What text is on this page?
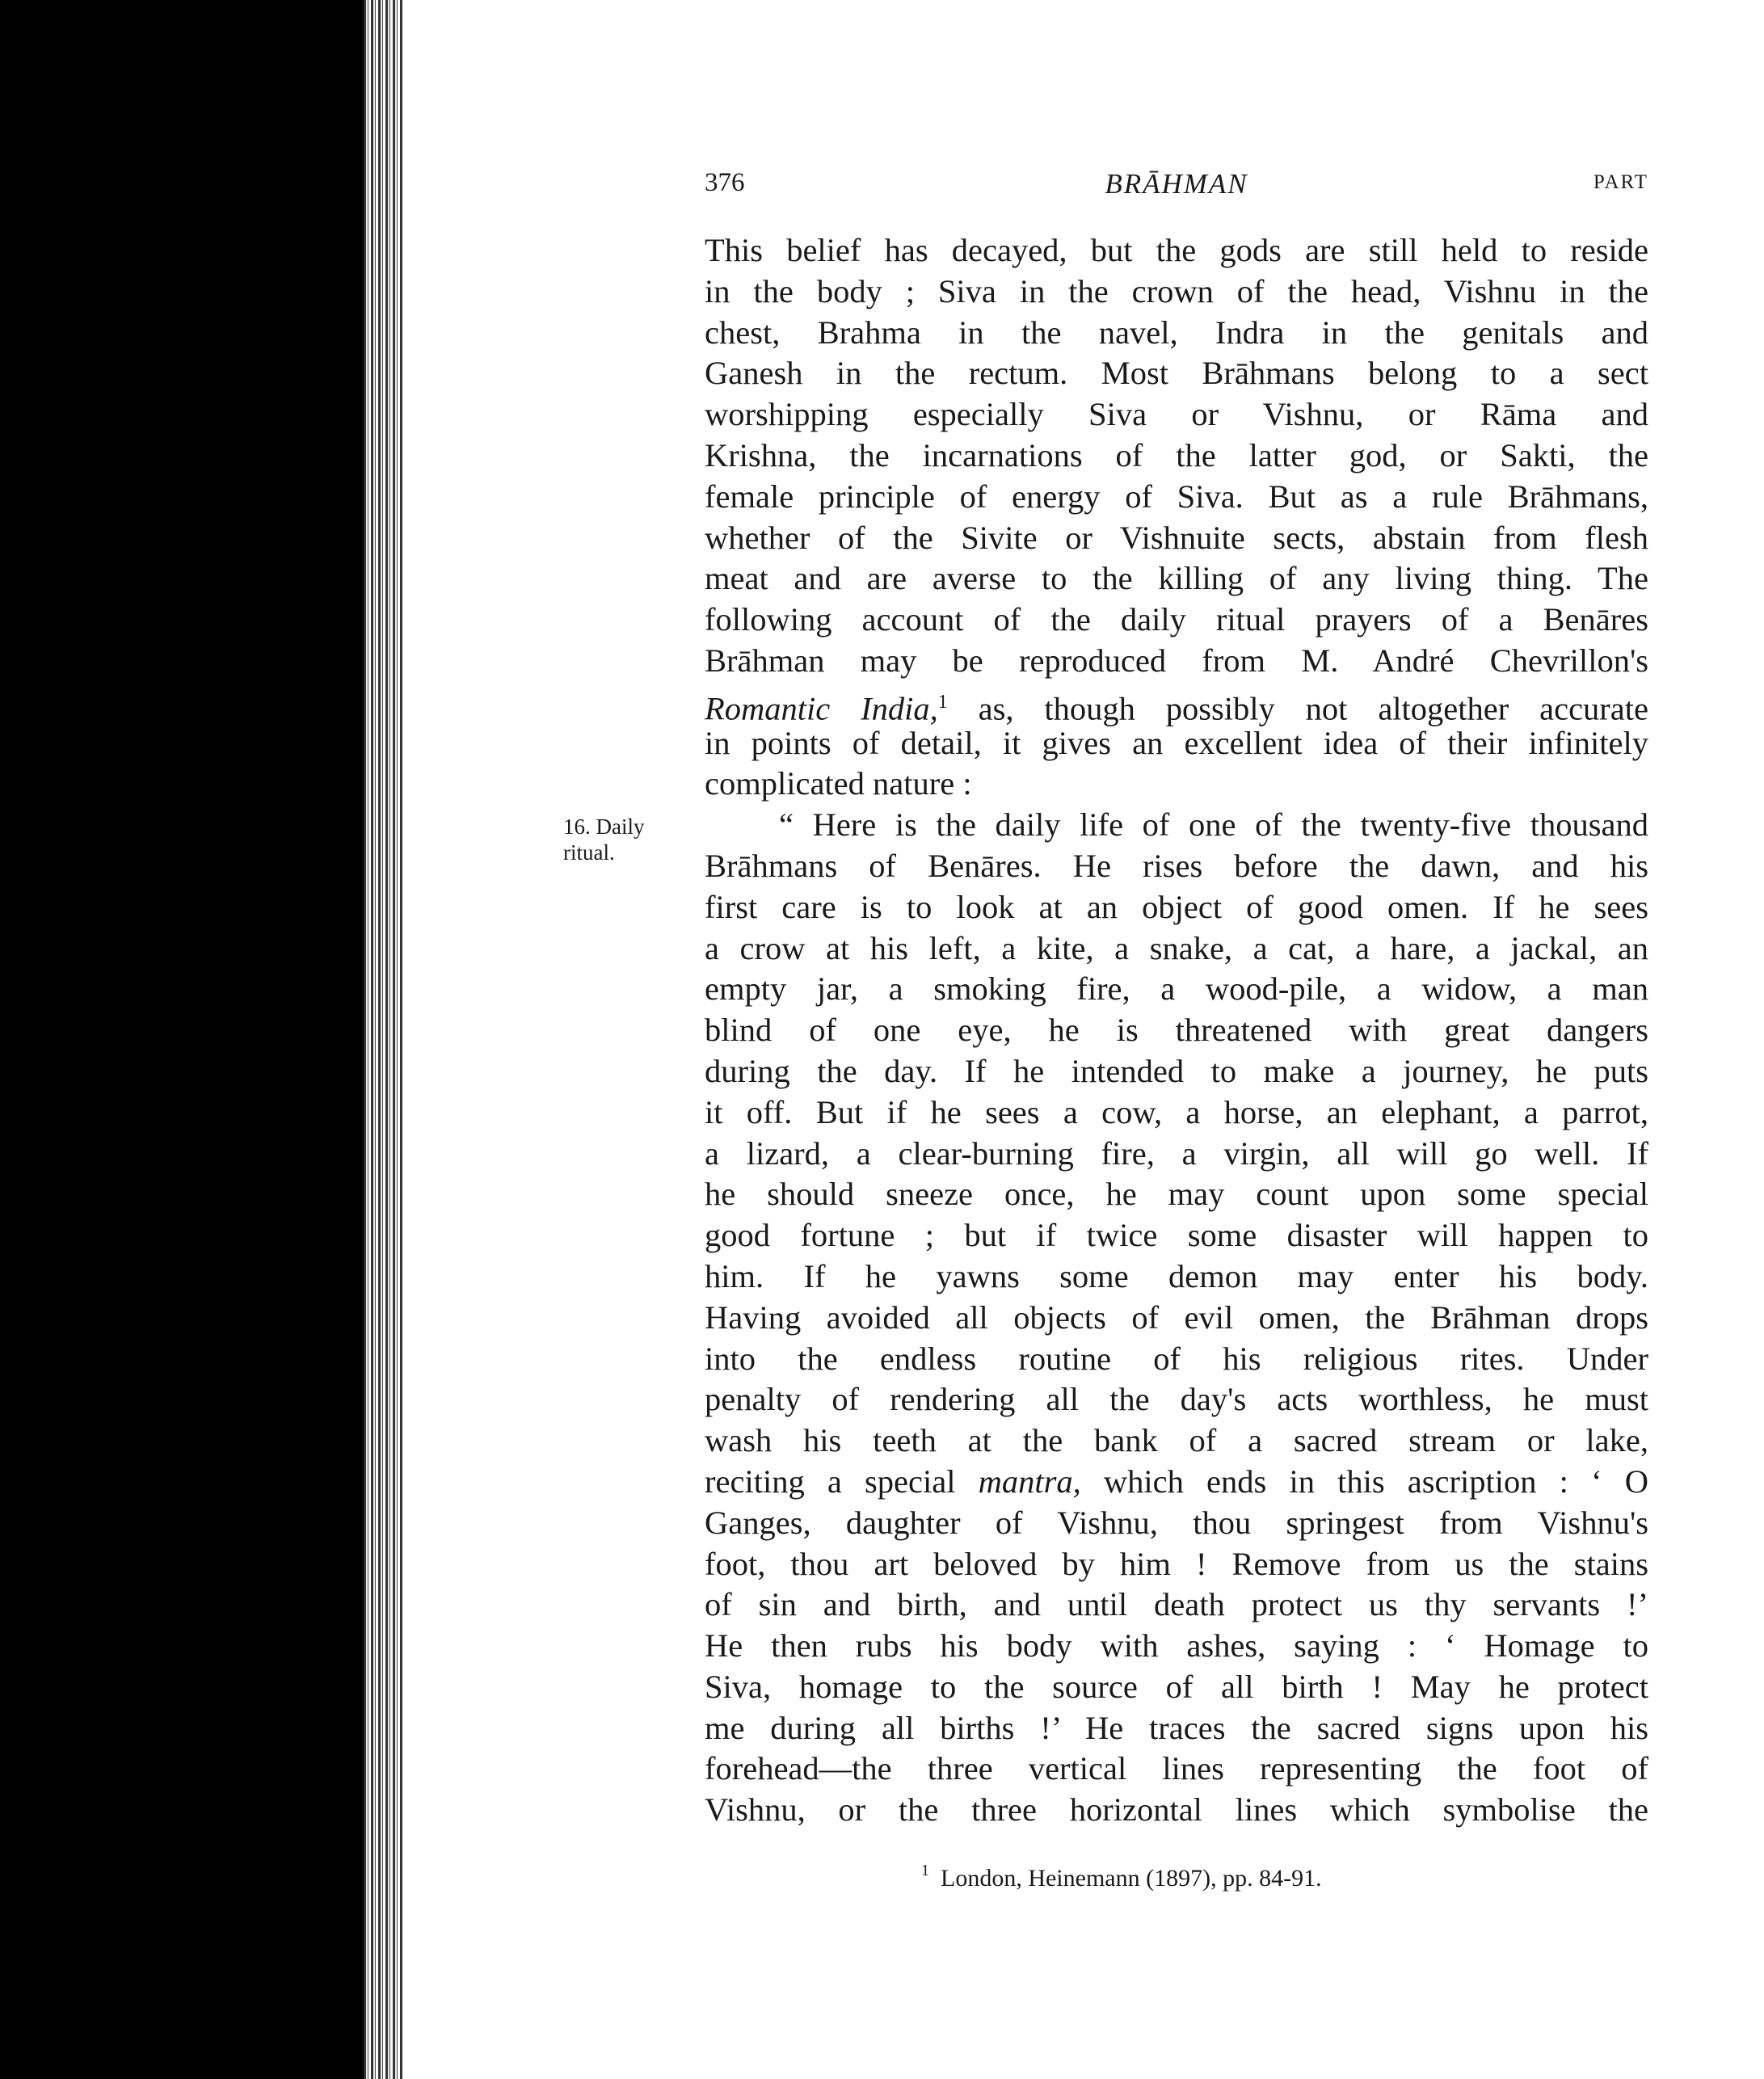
376	BRĀHMAN	PART
16. Daily
ritual.
This belief has decayed, but the gods are still held to reside
in the body ; Siva in the crown of the head, Vishnu in the
chest, Brahma in the navel, Indra in the genitals and
Ganesh in the rectum. Most Brāhmans belong to a sect
worshipping especially Siva or Vishnu, or Rāma and
Krishna, the incarnations of the latter god, or Sakti, the
female principle of energy of Siva. But as a rule Brāhmans,
whether of the Sivite or Vishnuite sects, abstain from flesh
meat and are averse to the killing of any living thing. The
following account of the daily ritual prayers of a Benāres
Brāhman may be reproduced from M. André Chevrillon's
Romantic India,$^1$ as, though possibly not altogether accurate
in points of detail, it gives an excellent idea of their infinitely
complicated nature :
“ Here is the daily life of one of the twenty-five thousand
Brāhmans of Benāres. He rises before the dawn, and his
first care is to look at an object of good omen. If he sees
a crow at his left, a kite, a snake, a cat, a hare, a jackal, an
empty jar, a smoking fire, a wood-pile, a widow, a man
blind of one eye, he is threatened with great dangers
during the day. If he intended to make a journey, he puts
it off. But if he sees a cow, a horse, an elephant, a parrot,
a lizard, a clear-burning fire, a virgin, all will go well. If
he should sneeze once, he may count upon some special
good fortune ; but if twice some disaster will happen to
him. If he yawns some demon may enter his body.
Having avoided all objects of evil omen, the Brāhman drops
into the endless routine of his religious rites. Under
penalty of rendering all the day's acts worthless, he must
wash his teeth at the bank of a sacred stream or lake,
reciting a special mantra, which ends in this ascription : ‘ O
Ganges, daughter of Vishnu, thou springest from Vishnu's
foot, thou art beloved by him ! Remove from us the stains
of sin and birth, and until death protect us thy servants !’
He then rubs his body with ashes, saying : ‘ Homage to
Siva, homage to the source of all birth ! May he protect
me during all births !’ He traces the sacred signs upon his
forehead—the three vertical lines representing the foot of
Vishnu, or the three horizontal lines which symbolise the
$^1$ London, Heinemann (1897), pp. 84-91.
